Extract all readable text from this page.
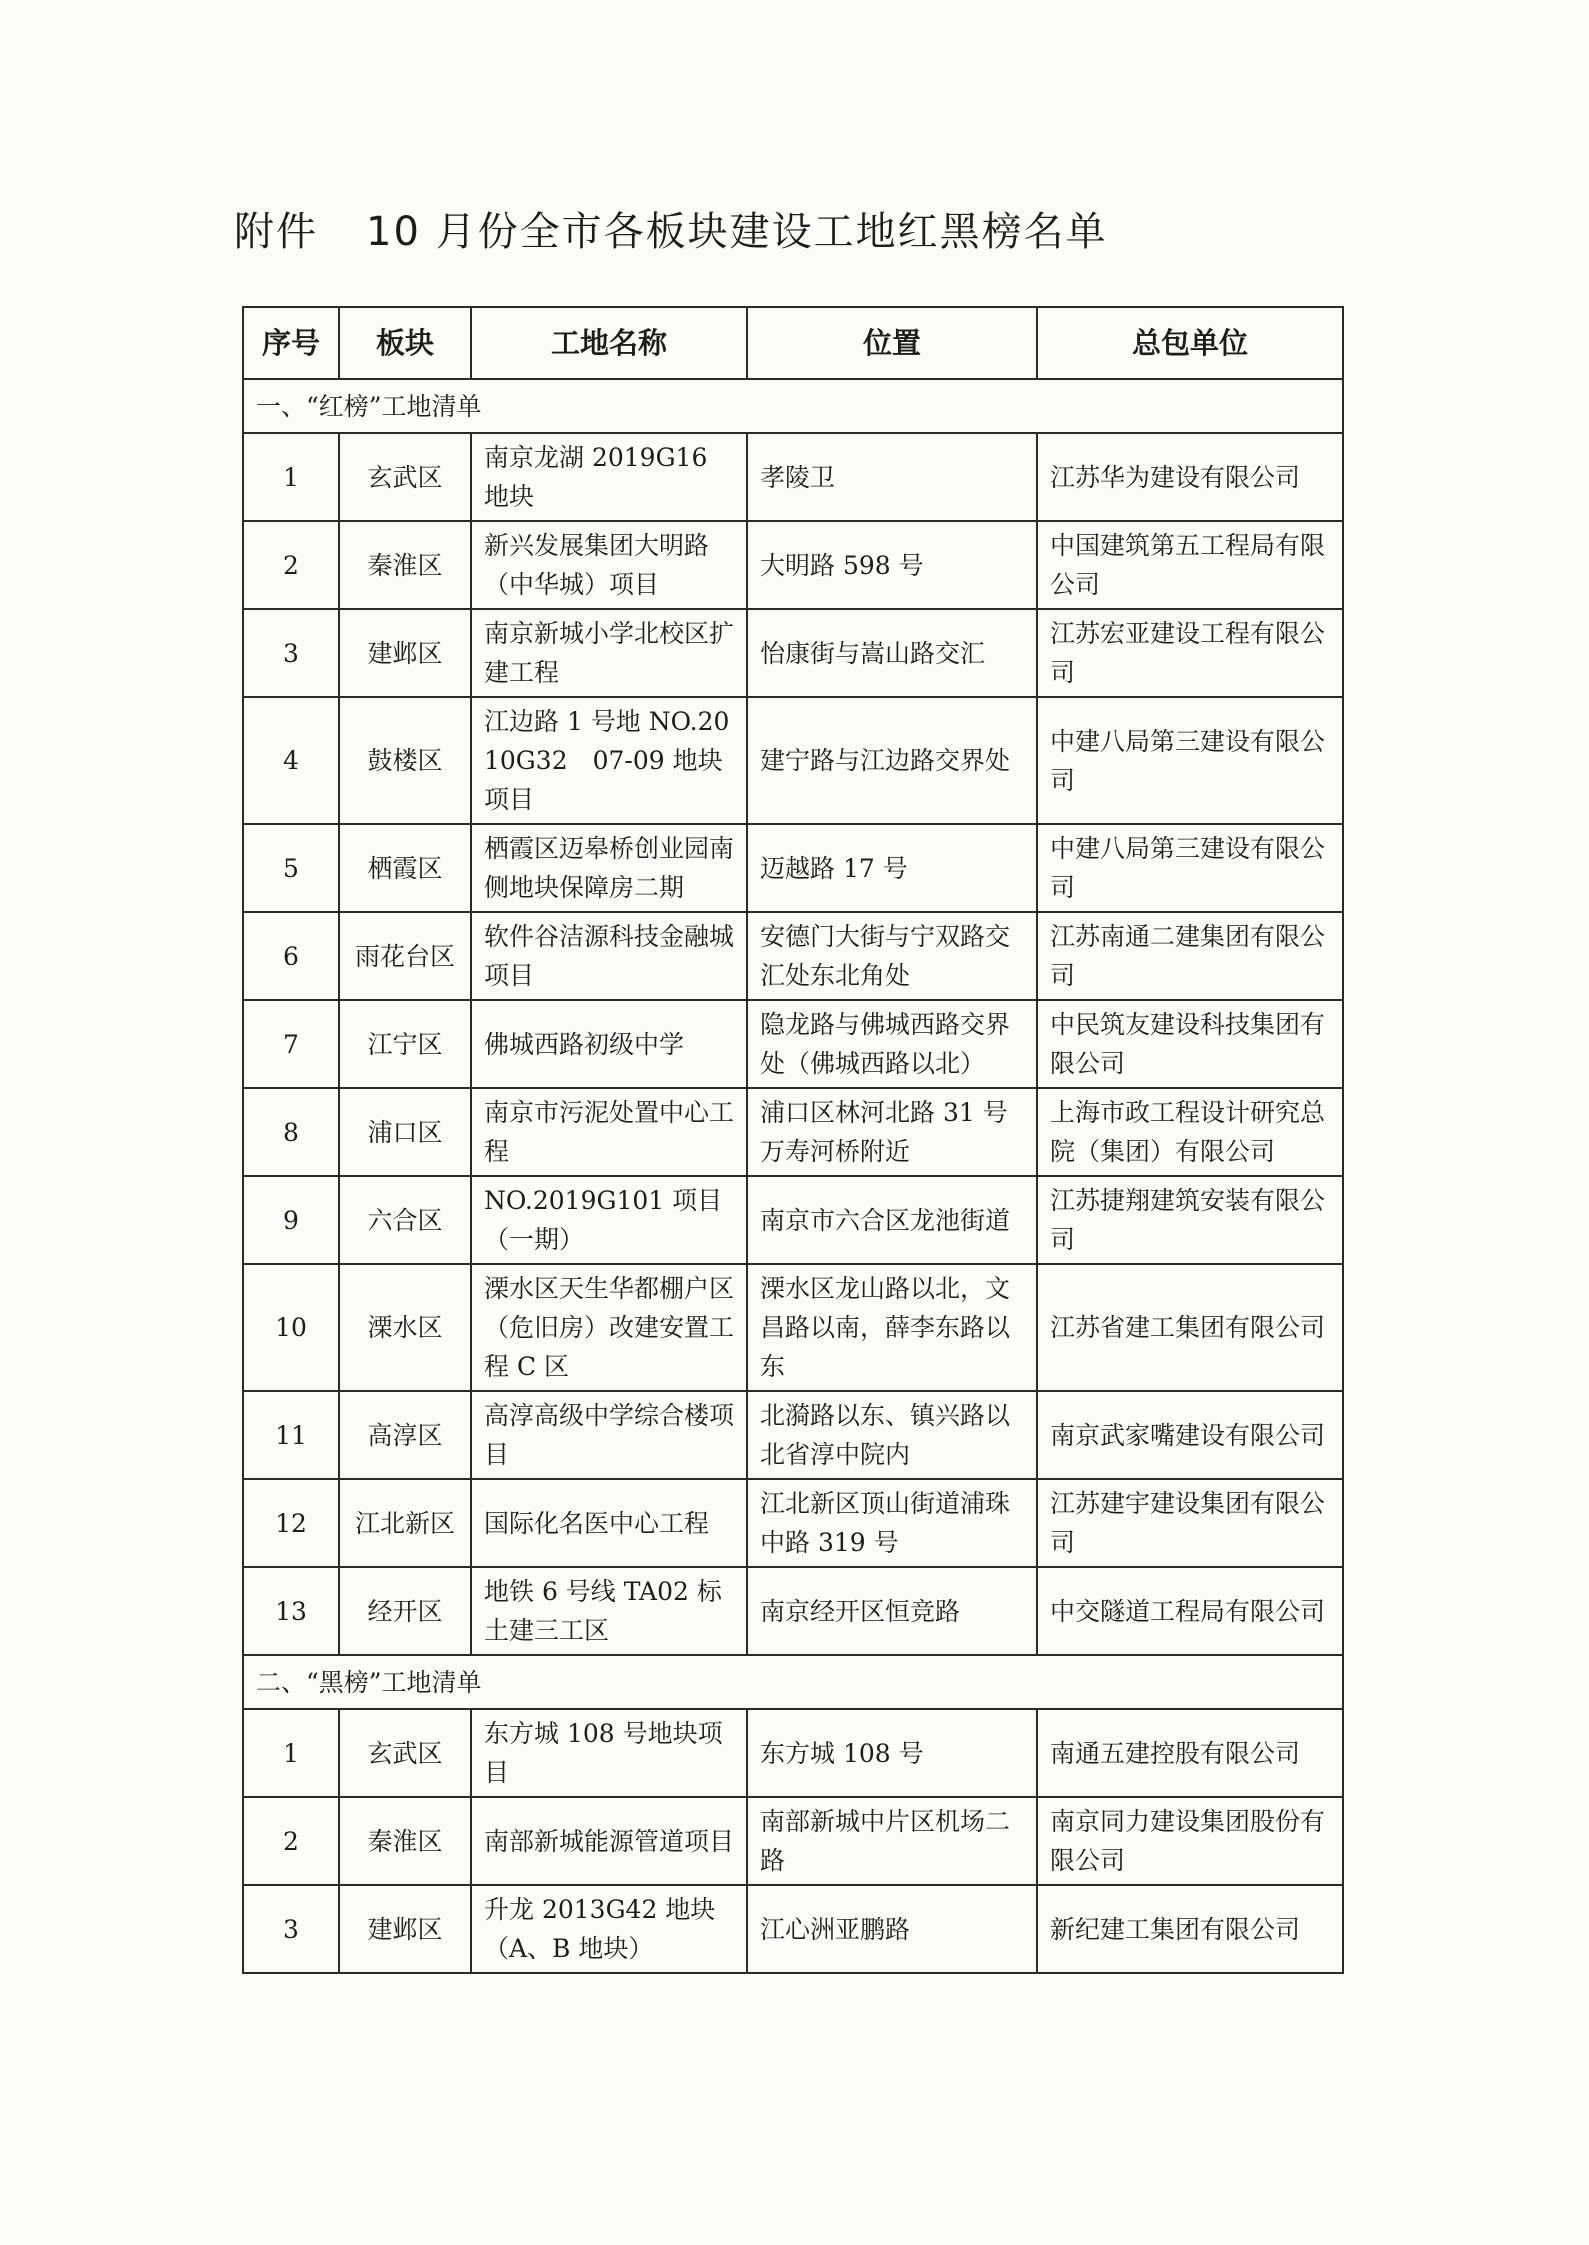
附件 10 月份全市各板块建设工地红黑榜名单
序号	板块	工地名称	位置	总包单位
一、“红榜”工地清单				
1	玄武区	南京龙湖 2019G16 地块	孝陵卫	江苏华为建设有限公司
2	秦淮区	新兴发展集团大明路（中华城）项目	大明路 598 号	中国建筑第五工程局有限公司
3	建邺区	南京新城小学北校区扩建工程	怡康街与嵩山路交汇	江苏宏亚建设工程有限公司
4	鼓楼区	江边路 1 号地 NO.2010G32　07-09 地块项目	建宁路与江边路交界处	中建八局第三建设有限公司
5	栖霞区	栖霞区迈皋桥创业园南侧地块保障房二期	迈越路 17 号	中建八局第三建设有限公司
6	雨花台区	软件谷洁源科技金融城项目	安德门大街与宁双路交汇处东北角处	江苏南通二建集团有限公司
7	江宁区	佛城西路初级中学	隐龙路与佛城西路交界处（佛城西路以北）	中民筑友建设科技集团有限公司
8	浦口区	南京市污泥处置中心工程	浦口区林河北路 31 号万寿河桥附近	上海市政工程设计研究总院（集团）有限公司
9	六合区	NO.2019G101 项目（一期）	南京市六合区龙池街道	江苏捷翔建筑安装有限公司
10	溧水区	溧水区天生华都棚户区（危旧房）改建安置工程 C 区	溧水区龙山路以北，文昌路以南，薛李东路以东	江苏省建工集团有限公司
11	高淳区	高淳高级中学综合楼项目	北漪路以东、镇兴路以北省淳中院内	南京武家嘴建设有限公司
12	江北新区	国际化名医中心工程	江北新区顶山街道浦珠中路 319 号	江苏建宇建设集团有限公司
13	经开区	地铁 6 号线 TA02 标土建三工区	南京经开区恒竞路	中交隧道工程局有限公司
二、“黑榜”工地清单				
1	玄武区	东方城 108 号地块项目	东方城 108 号	南通五建控股有限公司
2	秦淮区	南部新城能源管道项目	南部新城中片区机场二路	南京同力建设集团股份有限公司
3	建邺区	升龙 2013G42 地块（A、B 地块）	江心洲亚鹏路	新纪建工集团有限公司
